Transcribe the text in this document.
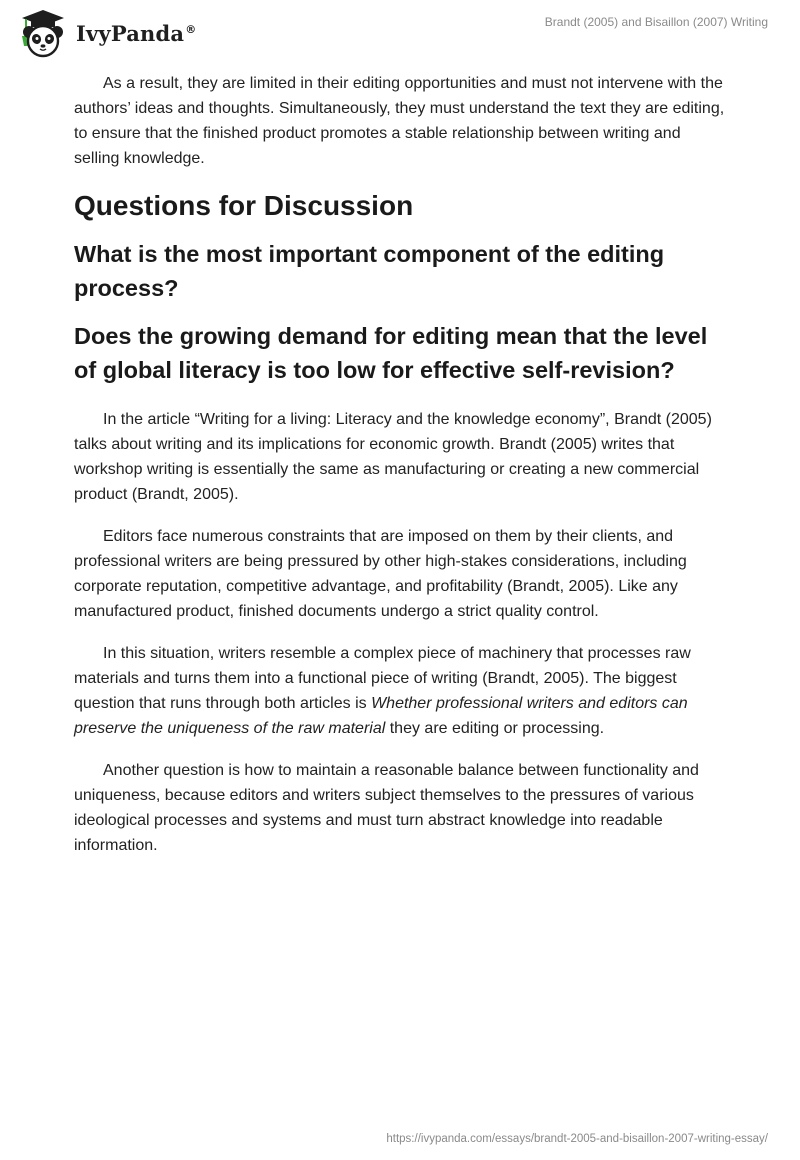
IvyPanda®	Brandt (2005) and Bisaillon (2007) Writing

As a result, they are limited in their editing opportunities and must not intervene with the authors’ ideas and thoughts. Simultaneously, they must understand the text they are editing, to ensure that the finished product promotes a stable relationship between writing and selling knowledge.

Questions for Discussion
What is the most important component of the editing process?
Does the growing demand for editing mean that the level of global literacy is too low for effective self-revision?

In the article “Writing for a living: Literacy and the knowledge economy”, Brandt (2005) talks about writing and its implications for economic growth. Brandt (2005) writes that workshop writing is essentially the same as manufacturing or creating a new commercial product (Brandt, 2005).

Editors face numerous constraints that are imposed on them by their clients, and professional writers are being pressured by other high-stakes considerations, including corporate reputation, competitive advantage, and profitability (Brandt, 2005). Like any manufactured product, finished documents undergo a strict quality control.

In this situation, writers resemble a complex piece of machinery that processes raw materials and turns them into a functional piece of writing (Brandt, 2005). The biggest question that runs through both articles is Whether professional writers and editors can preserve the uniqueness of the raw material they are editing or processing.

Another question is how to maintain a reasonable balance between functionality and uniqueness, because editors and writers subject themselves to the pressures of various ideological processes and systems and must turn abstract knowledge into readable information.

https://ivypanda.com/essays/brandt-2005-and-bisaillon-2007-writing-essay/
